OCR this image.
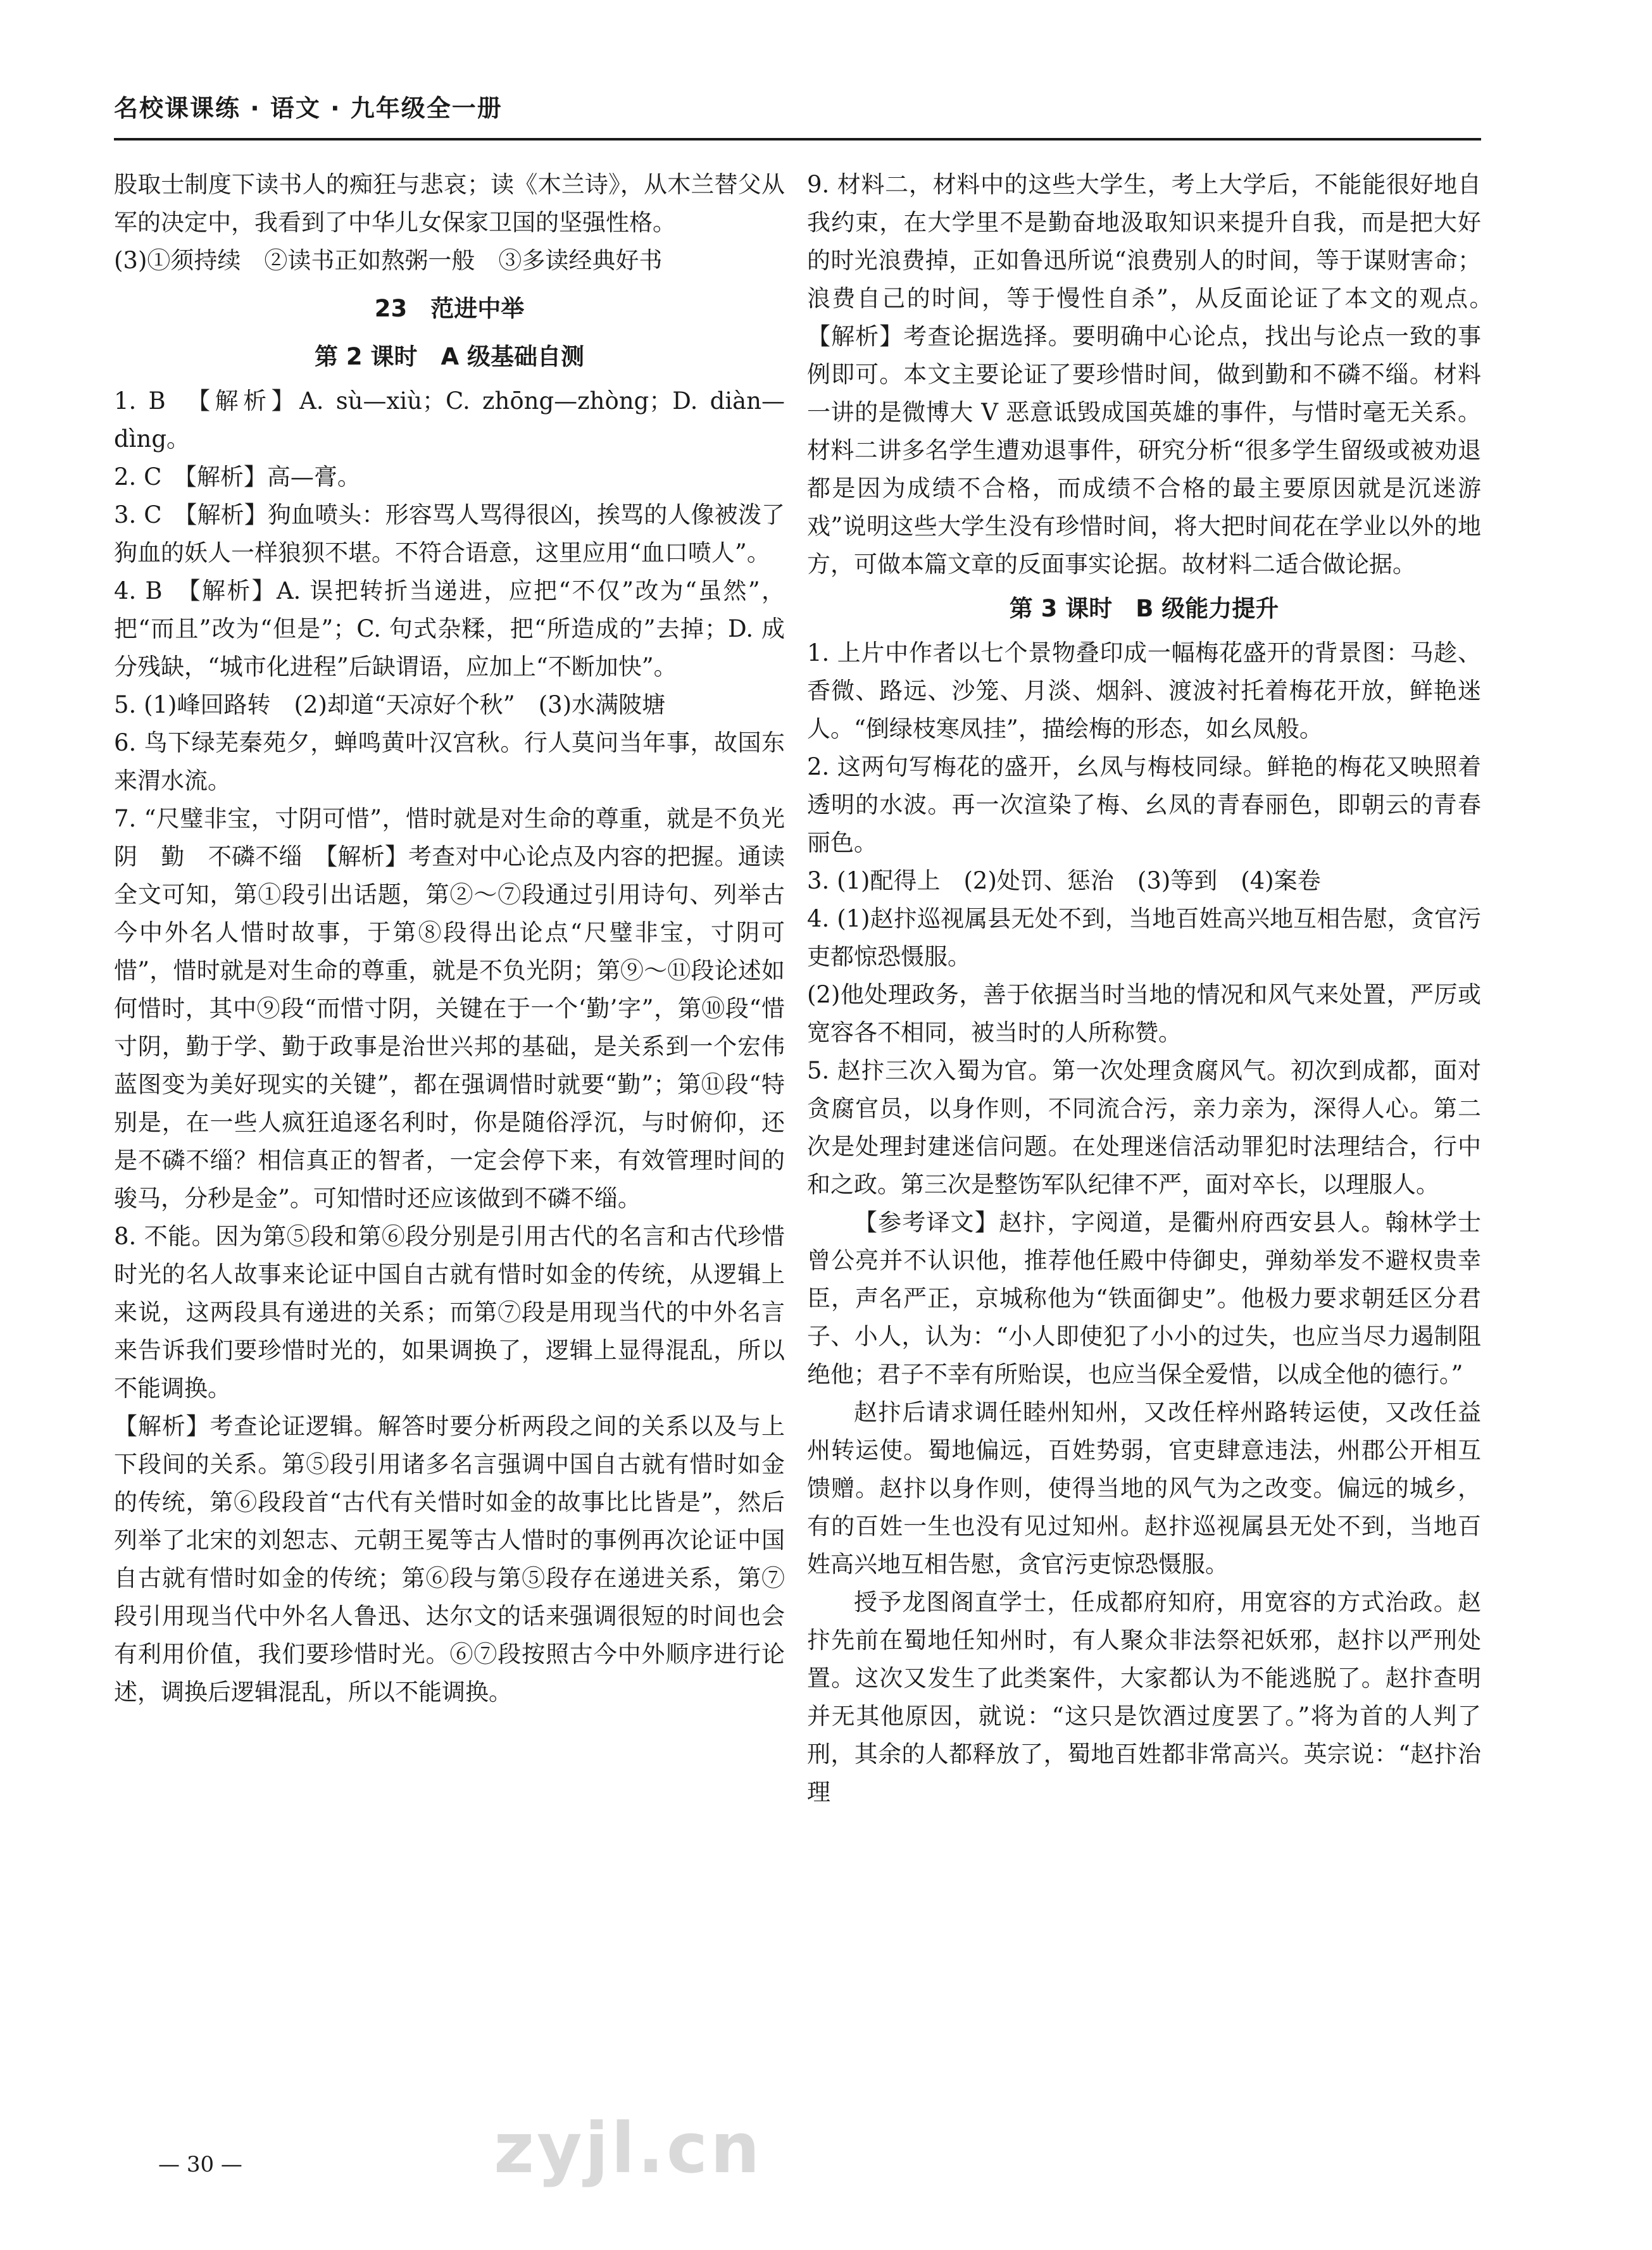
名校课课练 · 语文 · 九年级全一册

股取士制度下读书人的痴狂与悲哀；读《木兰诗》，从木兰替父从军的决定中，我看到了中华儿女保家卫国的坚强性格。

(3)①须持续　②读书正如熬粥一般　③多读经典好书

23　范进中举

第 2 课时　A 级基础自测

1. B　【解析】A. sù—xiù；C. zhōng—zhòng；D. diàn—dìng。

2. C　【解析】高—膏。

3. C　【解析】狗血喷头：形容骂人骂得很凶，挨骂的人像被泼了狗血的妖人一样狼狈不堪。不符合语意，这里应用“血口喷人”。

4. B　【解析】A. 误把转折当递进，应把“不仅”改为“虽然”，把“而且”改为“但是”；C. 句式杂糅，把“所造成的”去掉；D. 成分残缺，“城市化进程”后缺谓语，应加上“不断加快”。

5. (1)峰回路转　(2)却道“天凉好个秋”　(3)水满陂塘

6. 鸟下绿芜秦苑夕，蝉鸣黄叶汉宫秋。行人莫问当年事，故国东来渭水流。

7. “尺璧非宝，寸阴可惜”，惜时就是对生命的尊重，就是不负光阴　勤　不磷不缁　【解析】考查对中心论点及内容的把握。通读全文可知，第①段引出话题，第②～⑦段通过引用诗句、列举古今中外名人惜时故事，于第⑧段得出论点“尺璧非宝，寸阴可惜”，惜时就是对生命的尊重，就是不负光阴；第⑨～⑪段论述如何惜时，其中⑨段“而惜寸阴，关键在于一个‘勤’字”，第⑩段“惜寸阴，勤于学、勤于政事是治世兴邦的基础，是关系到一个宏伟蓝图变为美好现实的关键”，都在强调惜时就要“勤”；第⑪段“特别是，在一些人疯狂追逐名利时，你是随俗浮沉，与时俯仰，还是不磷不缁？相信真正的智者，一定会停下来，有效管理时间的骏马，分秒是金”。可知惜时还应该做到不磷不缁。

8. 不能。因为第⑤段和第⑥段分别是引用古代的名言和古代珍惜时光的名人故事来论证中国自古就有惜时如金的传统，从逻辑上来说，这两段具有递进的关系；而第⑦段是用现当代的中外名言来告诉我们要珍惜时光的，如果调换了，逻辑上显得混乱，所以不能调换。

【解析】考查论证逻辑。解答时要分析两段之间的关系以及与上下段间的关系。第⑤段引用诸多名言强调中国自古就有惜时如金的传统，第⑥段段首“古代有关惜时如金的故事比比皆是”，然后列举了北宋的刘恕志、元朝王冕等古人惜时的事例再次论证中国自古就有惜时如金的传统；第⑥段与第⑤段存在递进关系，第⑦段引用现当代中外名人鲁迅、达尔文的话来强调很短的时间也会有利用价值，我们要珍惜时光。⑥⑦段按照古今中外顺序进行论述，调换后逻辑混乱，所以不能调换。

9. 材料二，材料中的这些大学生，考上大学后，不能能很好地自我约束，在大学里不是勤奋地汲取知识来提升自我，而是把大好的时光浪费掉，正如鲁迅所说“浪费别人的时间，等于谋财害命；浪费自己的时间，等于慢性自杀”，从反面论证了本文的观点。　【解析】考查论据选择。要明确中心论点，找出与论点一致的事例即可。本文主要论证了要珍惜时间，做到勤和不磷不缁。材料一讲的是微博大 V 恶意诋毁成国英雄的事件，与惜时毫无关系。材料二讲多名学生遭劝退事件，研究分析“很多学生留级或被劝退都是因为成绩不合格，而成绩不合格的最主要原因就是沉迷游戏”说明这些大学生没有珍惜时间，将大把时间花在学业以外的地方，可做本篇文章的反面事实论据。故材料二适合做论据。

第 3 课时　B 级能力提升

1. 上片中作者以七个景物叠印成一幅梅花盛开的背景图：马趁、香微、路远、沙笼、月淡、烟斜、渡波衬托着梅花开放，鲜艳迷人。“倒绿枝寒凤挂”，描绘梅的形态，如幺凤般。

2. 这两句写梅花的盛开，幺凤与梅枝同绿。鲜艳的梅花又映照着透明的水波。再一次渲染了梅、幺凤的青春丽色，即朝云的青春丽色。

3. (1)配得上　(2)处罚、惩治　(3)等到　(4)案卷

4. (1)赵抃巡视属县无处不到，当地百姓高兴地互相告慰，贪官污吏都惊恐慑服。

(2)他处理政务，善于依据当时当地的情况和风气来处置，严厉或宽容各不相同，被当时的人所称赞。

5. 赵抃三次入蜀为官。第一次处理贪腐风气。初次到成都，面对贪腐官员，以身作则，不同流合污，亲力亲为，深得人心。第二次是处理封建迷信问题。在处理迷信活动罪犯时法理结合，行中和之政。第三次是整饬军队纪律不严，面对卒长，以理服人。

【参考译文】赵抃，字阅道，是衢州府西安县人。翰林学士曾公亮并不认识他，推荐他任殿中侍御史，弹劾举发不避权贵幸臣，声名严正，京城称他为“铁面御史”。他极力要求朝廷区分君子、小人，认为：“小人即使犯了小小的过失，也应当尽力遏制阻绝他；君子不幸有所贻误，也应当保全爱惜，以成全他的德行。”

赵抃后请求调任睦州知州，又改任梓州路转运使，又改任益州转运使。蜀地偏远，百姓势弱，官吏肆意违法，州郡公开相互馈赠。赵抃以身作则，使得当地的风气为之改变。偏远的城乡，有的百姓一生也没有见过知州。赵抃巡视属县无处不到，当地百姓高兴地互相告慰，贪官污吏惊恐慑服。

授予龙图阁直学士，任成都府知府，用宽容的方式治政。赵抃先前在蜀地任知州时，有人聚众非法祭祀妖邪，赵抃以严刑处置。这次又发生了此类案件，大家都认为不能逃脱了。赵抃查明并无其他原因，就说：“这只是饮酒过度罢了。”将为首的人判了刑，其余的人都释放了，蜀地百姓都非常高兴。英宗说：“赵抃治理

zyjl.cn
— 30 —
